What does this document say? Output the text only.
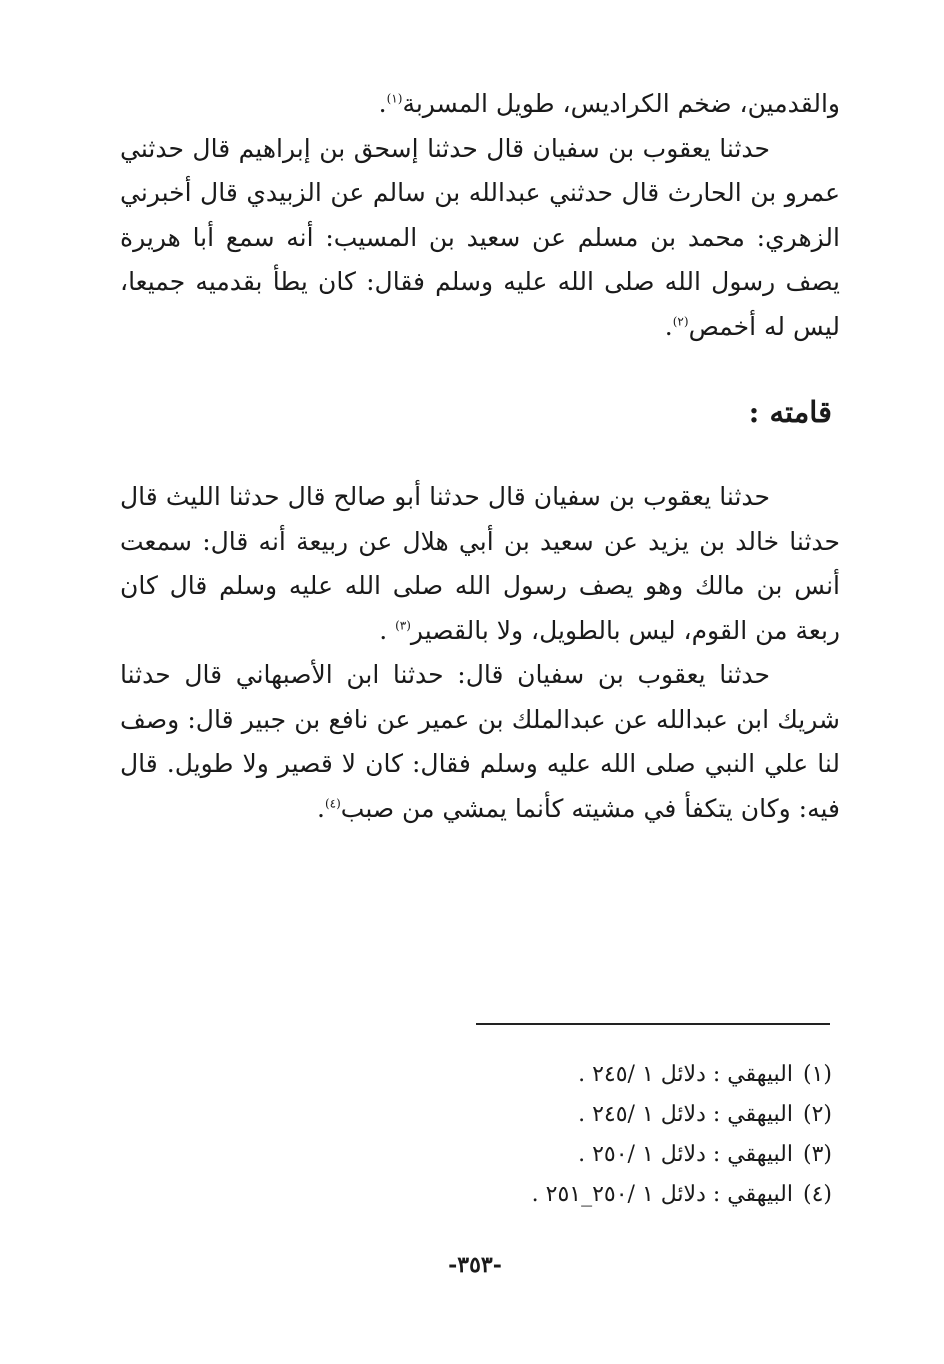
والقدمين، ضخم الكراديس، طويل المسربة$^{(١)}$.

حدثنا يعقوب بن سفيان قال حدثنا إسحق بن إبراهيم قال حدثني عمرو بن الحارث قال حدثني عبدالله بن سالم عن الزبيدي قال أخبرني الزهري: محمد بن مسلم عن سعيد بن المسيب: أنه سمع أبا هريرة يصف رسول الله صلى الله عليه وسلم فقال: كان يطأ بقدميه جميعا، ليس له أخمص$^{(٢)}$.

قامته :

حدثنا يعقوب بن سفيان قال حدثنا أبو صالح قال حدثنا الليث قال حدثنا خالد بن يزيد عن سعيد بن أبي هلال عن ربيعة أنه قال: سمعت أنس بن مالك وهو يصف رسول الله صلى الله عليه وسلم قال كان ربعة من القوم، ليس بالطويل، ولا بالقصير$^{(٣)}$ .

حدثنا يعقوب بن سفيان قال: حدثنا ابن الأصبهاني قال حدثنا شريك ابن عبدالله عن عبدالملك بن عمير عن نافع بن جبير قال: وصف لنا علي النبي صلى الله عليه وسلم فقال: كان لا قصير ولا طويل. قال فيه: وكان يتكفأ في مشيته كأنما يمشي من صبب$^{(٤)}$.

(١)البيهقي : دلائل ١ /٢٤٥ .
(٢)البيهقي : دلائل ١ /٢٤٥ .
(٣)البيهقي : دلائل ١ /٢٥٠ .
(٤)البيهقي : دلائل ١ /٢٥٠_٢٥١ .
-٣٥٣-
